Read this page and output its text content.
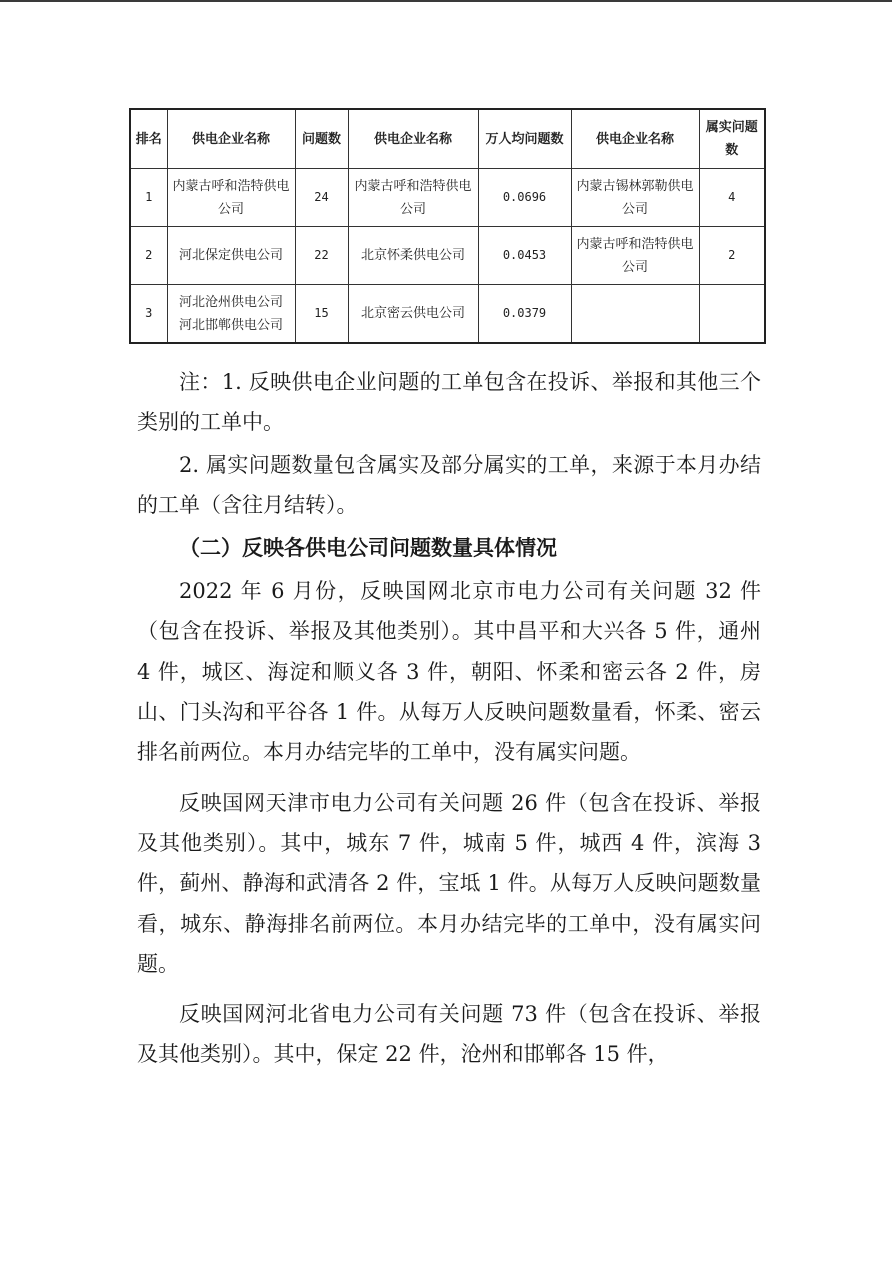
排名	供电企业名称	问题数	供电企业名称	万人均问题数	供电企业名称	属实问题数
1	内蒙古呼和浩特供电公司	24	内蒙古呼和浩特供电公司	0.0696	内蒙古锡林郭勒供电公司	4
2	河北保定供电公司	22	北京怀柔供电公司	0.0453	内蒙古呼和浩特供电公司	2
3	河北沧州供电公司 河北邯郸供电公司	15	北京密云供电公司	0.0379		

注：1. 反映供电企业问题的工单包含在投诉、举报和其他三个类别的工单中。

2. 属实问题数量包含属实及部分属实的工单，来源于本月办结的工单（含往月结转）。

（二）反映各供电公司问题数量具体情况

2022 年 6 月份，反映国网北京市电力公司有关问题 32 件（包含在投诉、举报及其他类别）。其中昌平和大兴各 5 件，通州 4 件，城区、海淀和顺义各 3 件，朝阳、怀柔和密云各 2 件，房山、门头沟和平谷各 1 件。从每万人反映问题数量看，怀柔、密云排名前两位。本月办结完毕的工单中，没有属实问题。

反映国网天津市电力公司有关问题 26 件（包含在投诉、举报及其他类别）。其中，城东 7 件，城南 5 件，城西 4 件，滨海 3 件，蓟州、静海和武清各 2 件，宝坻 1 件。从每万人反映问题数量看，城东、静海排名前两位。本月办结完毕的工单中，没有属实问题。

反映国网河北省电力公司有关问题 73 件（包含在投诉、举报及其他类别）。其中，保定 22 件，沧州和邯郸各 15 件，
